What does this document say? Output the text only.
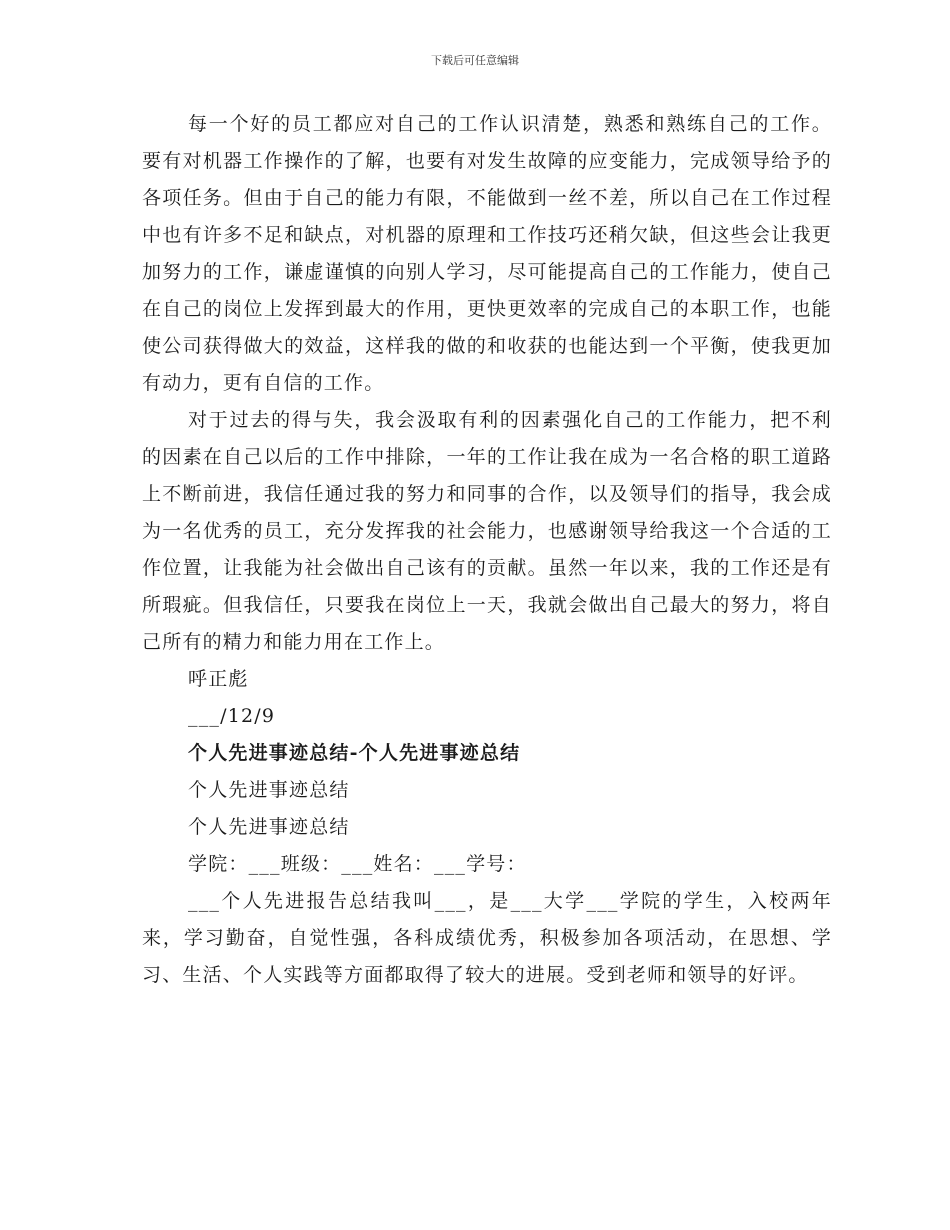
下载后可任意编辑

每一个好的员工都应对自己的工作认识清楚，熟悉和熟练自己的工作。要有对机器工作操作的了解，也要有对发生故障的应变能力，完成领导给予的各项任务。但由于自己的能力有限，不能做到一丝不差，所以自己在工作过程中也有许多不足和缺点，对机器的原理和工作技巧还稍欠缺，但这些会让我更加努力的工作，谦虚谨慎的向别人学习，尽可能提高自己的工作能力，使自己在自己的岗位上发挥到最大的作用，更快更效率的完成自己的本职工作，也能使公司获得做大的效益，这样我的做的和收获的也能达到一个平衡，使我更加有动力，更有自信的工作。

对于过去的得与失，我会汲取有利的因素强化自己的工作能力，把不利的因素在自己以后的工作中排除，一年的工作让我在成为一名合格的职工道路上不断前进，我信任通过我的努力和同事的合作，以及领导们的指导，我会成为一名优秀的员工，充分发挥我的社会能力，也感谢领导给我这一个合适的工作位置，让我能为社会做出自己该有的贡献。虽然一年以来，我的工作还是有所瑕疵。但我信任，只要我在岗位上一天，我就会做出自己最大的努力，将自己所有的精力和能力用在工作上。

呼正彪

___/12/9

个人先进事迹总结-个人先进事迹总结

个人先进事迹总结

个人先进事迹总结

学院：___班级：___姓名：___学号：

___个人先进报告总结我叫___，是___大学___学院的学生，入校两年来，学习勤奋，自觉性强，各科成绩优秀，积极参加各项活动，在思想、学习、生活、个人实践等方面都取得了较大的进展。受到老师和领导的好评。
